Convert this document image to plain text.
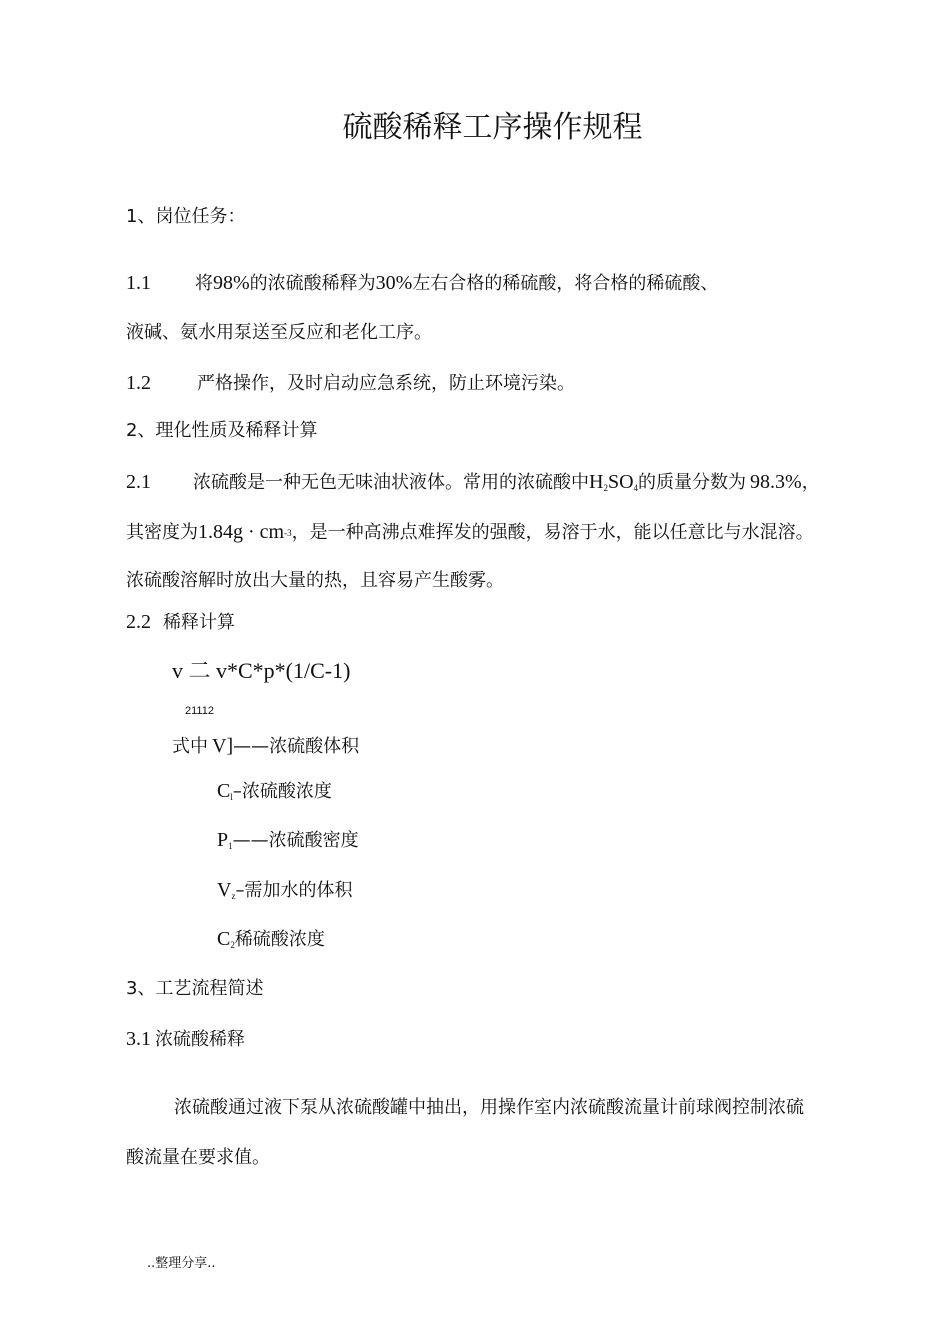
硫酸稀释工序操作规程
1、岗位任务：
1.1 将98%的浓硫酸稀释为30%左右合格的稀硫酸，将合格的稀硫酸、
液碱、氨水用泵送至反应和老化工序。
1.2	严格操作，及时启动应急系统，防止环境污染。
2、理化性质及稀释计算
2.1 浓硫酸是一种无色无味油状液体。常用的浓硫酸中$H_2SO_4$的质量分数为 98.3%，
其密度为$1.84g \cdot cm^{-3}$，是一种高沸点难挥发的强酸，易溶于水，能以任意比与水混溶。
浓硫酸溶解时放出大量的热，且容易产生酸雾。
2.2 稀释计算
v 二 v*C*p*(1/C-1)
21112
式中 V]——浓硫酸体积
$C_l-$浓硫酸浓度
$P_1——$浓硫酸密度
$V_z-$需加水的体积
$C_2$稀硫酸浓度
3、工艺流程简述
3.1 浓硫酸稀释
浓硫酸通过液下泵从浓硫酸罐中抽出，用操作室内浓硫酸流量计前球阀控制浓硫
酸流量在要求值。
..整理分享..
